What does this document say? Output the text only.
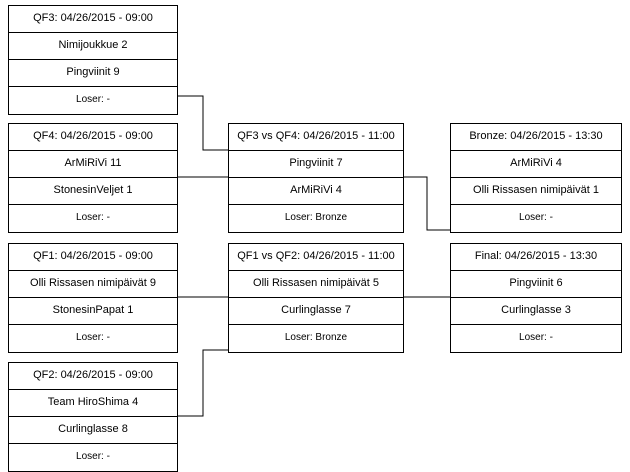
QF3: 04/26/2015 - 09:00
Nimijoukkue 2
Pingviinit 9
Loser: -
QF4: 04/26/2015 - 09:00
ArMiRiVi 11
StonesinVeljet 1
Loser: -
QF1: 04/26/2015 - 09:00
Olli Rissasen nimipäivät 9
StonesinPapat 1
Loser: -
QF2: 04/26/2015 - 09:00
Team HiroShima 4
Curlinglasse 8
Loser: -
QF3 vs QF4: 04/26/2015 - 11:00
Pingviinit 7
ArMiRiVi 4
Loser: Bronze
QF1 vs QF2: 04/26/2015 - 11:00
Olli Rissasen nimipäivät 5
Curlinglasse 7
Loser: Bronze
Bronze: 04/26/2015 - 13:30
ArMiRiVi 4
Olli Rissasen nimipäivät 1
Loser: -
Final: 04/26/2015 - 13:30
Pingviinit 6
Curlinglasse 3
Loser: -
